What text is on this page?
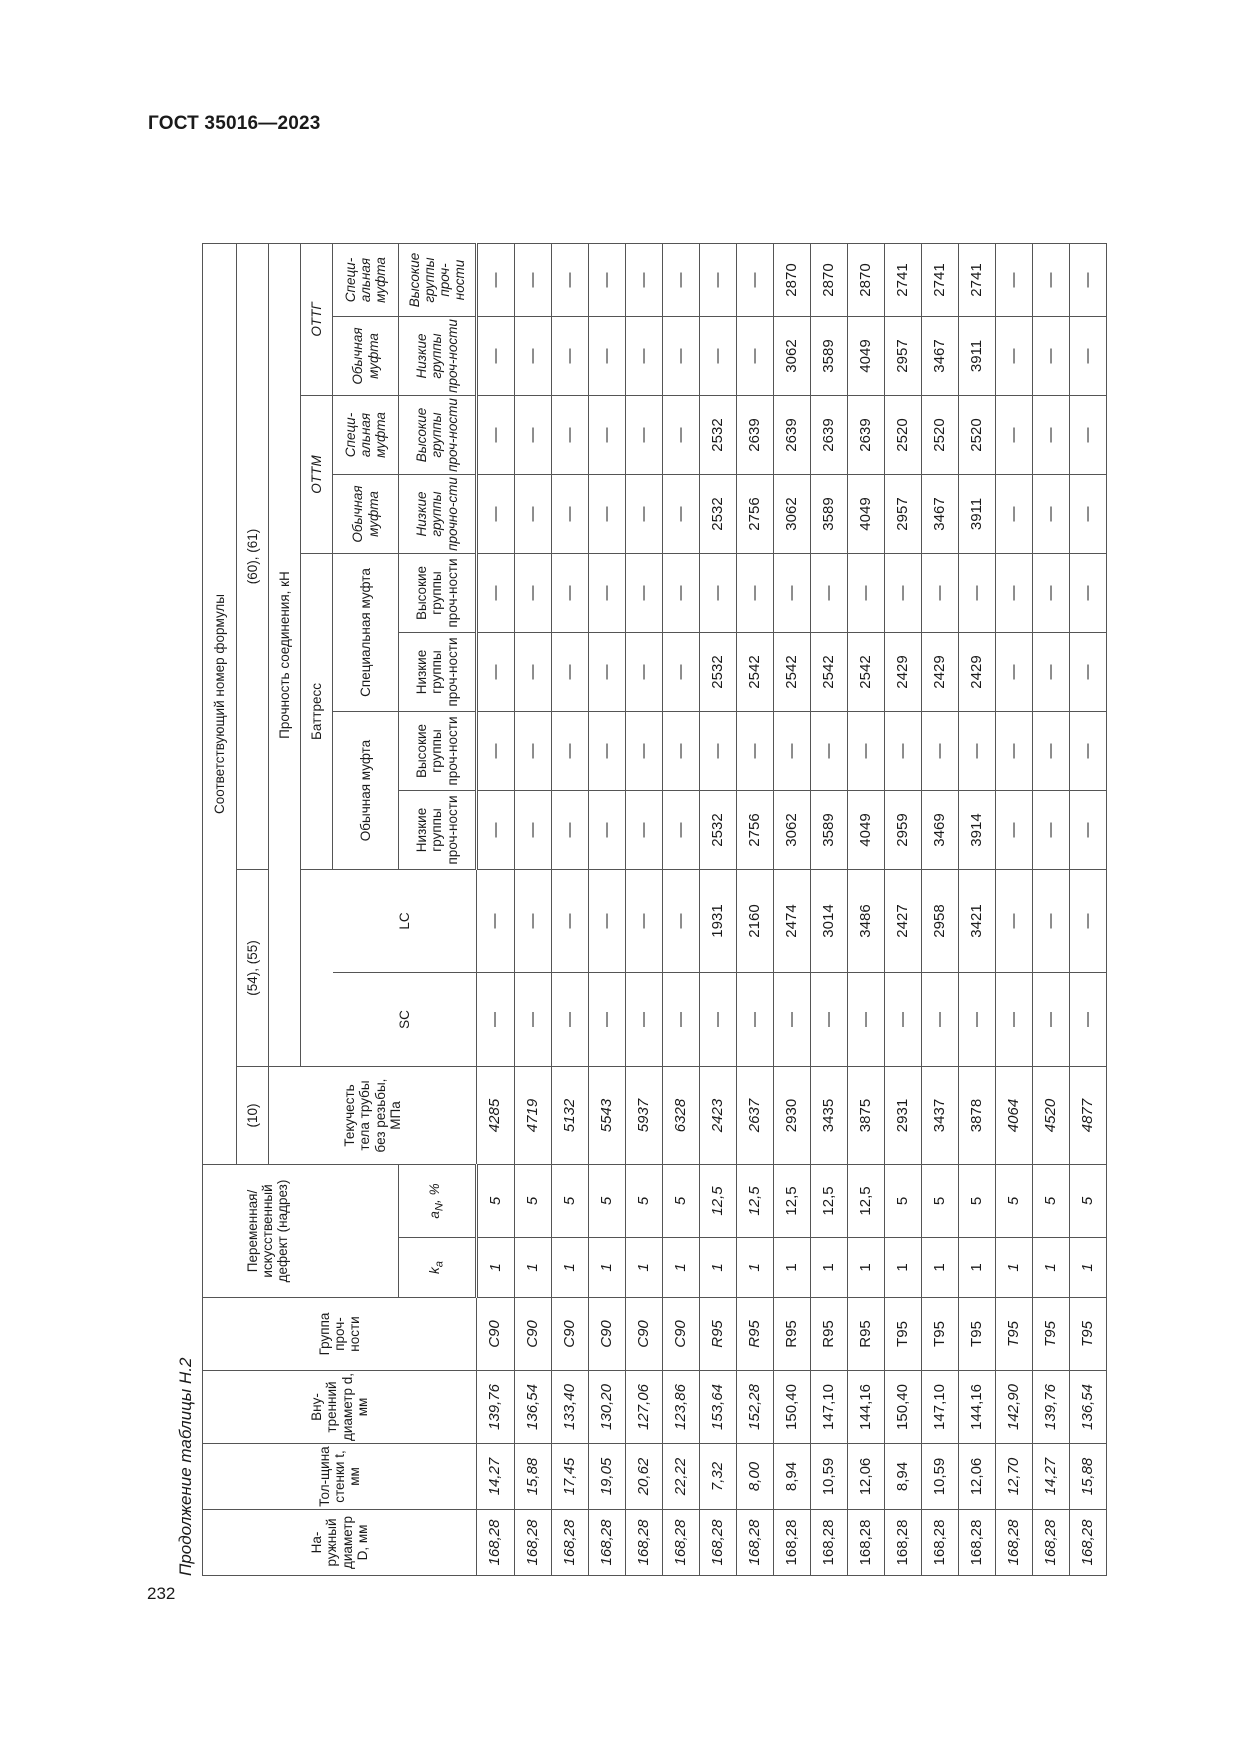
ГОСТ 35016—2023
232
Продолжение таблицы Н.2	На-ружный диаметр D, мм	Тол-щина стенки t, мм	Вну-тренний диаметр d, мм	Группа проч-ности	Переменная/ искусственный дефект (надрез)		Соответствующий номер формулы										
						(10)	(54), (55)		(60), (61)							
						Текучесть тела трубы без резьбы, МПа	Прочность соединения, кН									
									Баттресс				ОТТМ		ОТТГ	
							SC	LC	Обычная муфта		Специальная муфта		Обычная муфта	Специ-альная муфта	Обычная муфта	Специ-альная муфта
				$k_a$	$a_N$, %				Низкие группы проч-ности	Высокие группы проч-ности	Низкие группы проч-ности	Высокие группы проч-ности	Низкие группы прочно-сти	Высокие группы проч-ности	Низкие группы проч-ности	Высокие группы проч-ности
168,28	14,27	139,76	C90	1	5	4285	—	—	—	—	—	—	—	—	—	—
168,28	15,88	136,54	C90	1	5	4719	—	—	—	—	—	—	—	—	—	—
168,28	17,45	133,40	C90	1	5	5132	—	—	—	—	—	—	—	—	—	—
168,28	19,05	130,20	C90	1	5	5543	—	—	—	—	—	—	—	—	—	—
168,28	20,62	127,06	C90	1	5	5937	—	—	—	—	—	—	—	—	—	—
168,28	22,22	123,86	C90	1	5	6328	—	—	—	—	—	—	—	—	—	—
168,28	7,32	153,64	R95	1	12,5	2423	—	1931	2532	—	2532	—	2532	2532	—	—
168,28	8,00	152,28	R95	1	12,5	2637	—	2160	2756	—	2542	—	2756	2639	—	—
168,28	8,94	150,40	R95	1	12,5	2930	—	2474	3062	—	2542	—	3062	2639	3062	2870
168,28	10,59	147,10	R95	1	12,5	3435	—	3014	3589	—	2542	—	3589	2639	3589	2870
168,28	12,06	144,16	R95	1	12,5	3875	—	3486	4049	—	2542	—	4049	2639	4049	2870
168,28	8,94	150,40	T95	1	5	2931	—	2427	2959	—	2429	—	2957	2520	2957	2741
168,28	10,59	147,10	T95	1	5	3437	—	2958	3469	—	2429	—	3467	2520	3467	2741
168,28	12,06	144,16	T95	1	5	3878	—	3421	3914	—	2429	—	3911	2520	3911	2741
168,28	12,70	142,90	T95	1	5	4064	—	—	—	—	—	—	—	—	—	—
168,28	14,27	139,76	T95	1	5	4520	—	—	—	—	—	—	—	—	—	—
168,28	15,88	136,54	T95	1	5	4877	—	—	—	—	—	—	—	—	—	—
